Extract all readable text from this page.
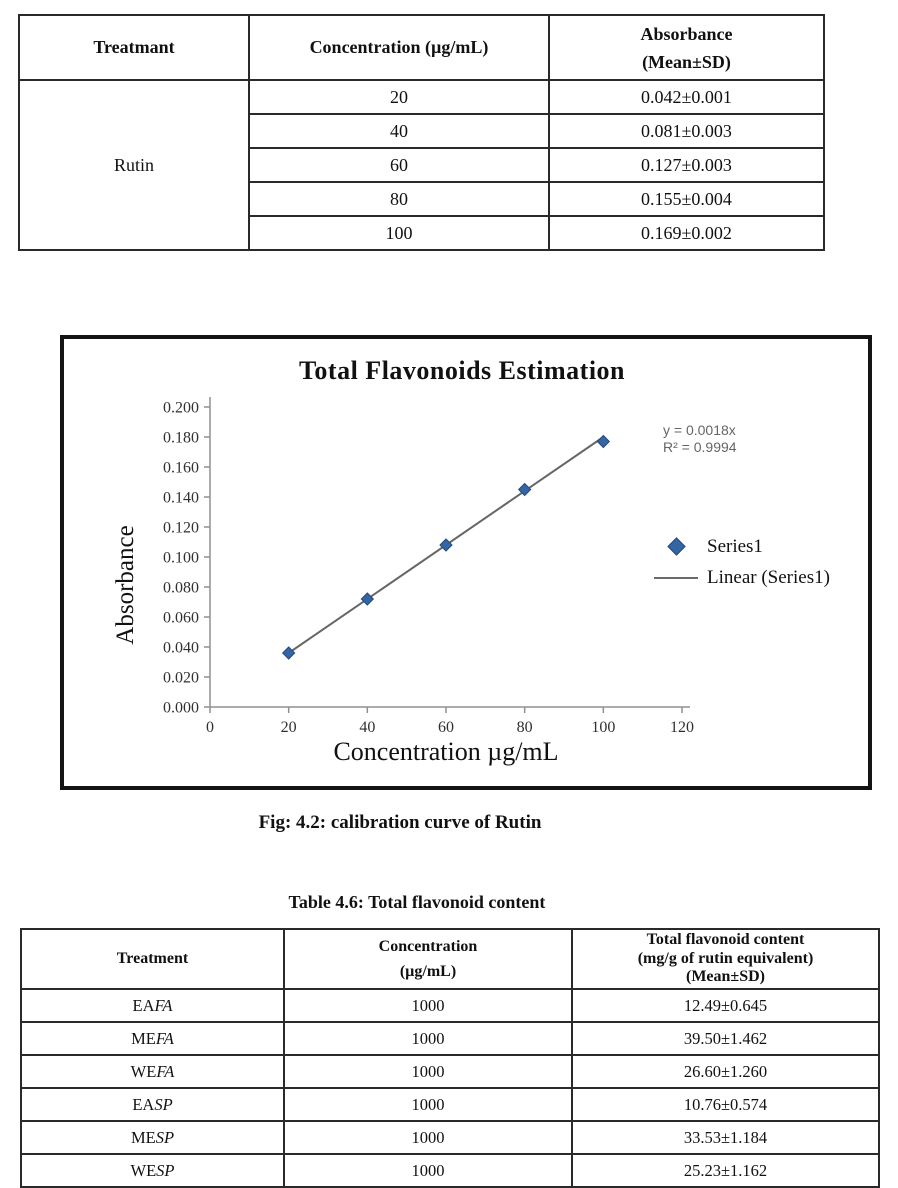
Treatmant	Concentration (µg/mL)	Absorbance
(Mean±SD)

Rutin	20	0.042±0.001
	40	0.081±0.003
	60	0.127±0.003
	80	0.155±0.004
	100	0.169±0.002
Total Flavonoids Estimation
0.000
0.020
0.040
0.060
0.080
0.100
0.120
0.140
0.160
0.180
0.200
0	20	40	60	80	100	120
Absorbance
Concentration µg/mL
y = 0.0018x
R² = 0.9994
Series1
Linear (Series1)
Fig: 4.2: calibration curve of Rutin
Table 4.6: Total flavonoid content
Treatment	
Concentration
(µg/mL)

Total flavonoid content
(mg/g of rutin equivalent)
(Mean±SD)

EAFA	1000	12.49±0.645
MEFA	1000	39.50±1.462
WEFA	1000	26.60±1.260
EASP	1000	10.76±0.574
MESP	1000	33.53±1.184
WESP	1000	25.23±1.162
